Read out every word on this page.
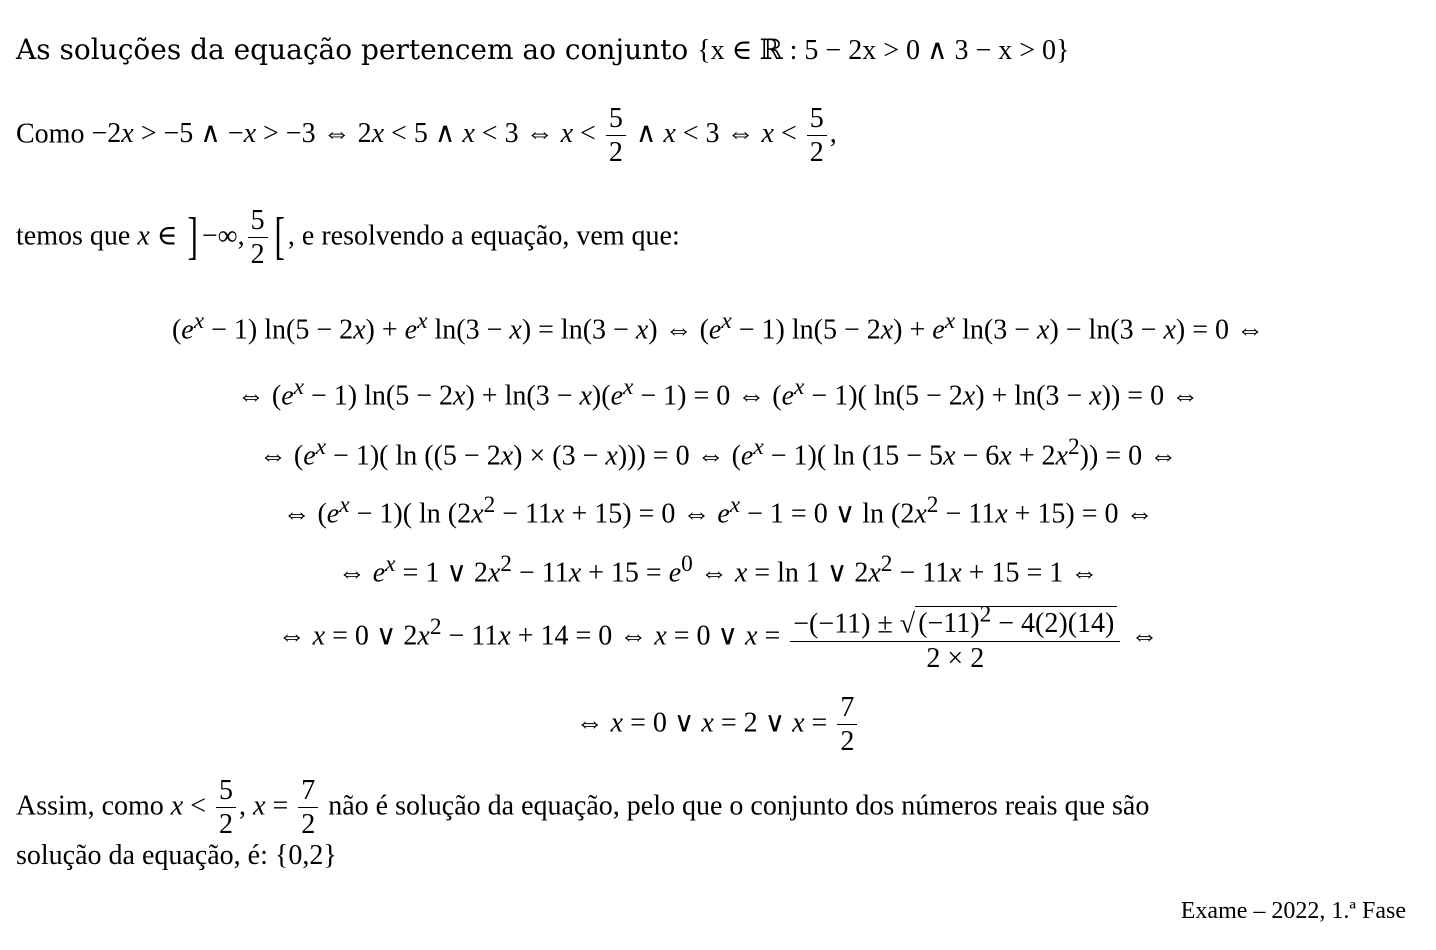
As soluções da equação pertencem ao conjunto {x ∈ ℝ : 5 − 2x > 0 ∧ 3 − x > 0}
Como −2x > −5 ∧ −x > −3 ⇔ 2x < 5 ∧ x < 3 ⇔ $x < \frac{5}{2}$ ∧ x < 3 ⇔ $x < \frac{5}{2}$ ,
temos que x ∈ ] −∞, $\frac{5}{2}$ [ , e resolvendo a equação, vem que:
$(e^x - 1) \ln(5 - 2x) + e^x$ ln(3 − x) = ln(3 − x) ⇔ $(e^x - 1) \ln(5 - 2x) + e^x$ ln(3 − x) − ln(3 − x) = 0 ⇔
⇔ $(e^x - 1) \ln(5 - 2x) + \ln(3 - x)(e^x - 1) = 0$ ⇔ $(e^x - 1)$( ln(5 − 2x) + ln(3 − x)) = 0 ⇔
⇔ $(e^x - 1)$( ln ((5 − 2x) × (3 − x))) = 0 ⇔ $(e^x - 1)$( $\ln (15 - 5x - 6x + 2x^2)) = 0$ ⇔
⇔ $(e^x - 1)$( $\ln (2x^2 - 11x + 15) = 0$ ⇔ $e^x - 1 = 0$ ∨ $\ln (2x^2 - 11x + 15) = 0$ ⇔
⇔ $e^x = 1$ ∨ $2x^2 - 11x + 15 = e^0$ ⇔ x = ln 1 ∨ $2x^2 - 11x + 15 = 1$ ⇔
⇔ x = 0 ∨ $2x^2 - 11x + 14 = 0$ ⇔ x = 0 ∨ $x = \frac{-(-11) \pm √ (-11)^2 - 4(2)(14)}{2 \times 2}$ ⇔
⇔ x = 0 ∨ x = 2 ∨ $x = \frac{7}{2}$
Assim, como $x < \frac{5}{2}$ , $x = \frac{7}{2}$ não é solução da equação, pelo que o conjunto dos números reais que são
solução da equação, é: {0,2}
Exame – 2022, 1.ª Fase
